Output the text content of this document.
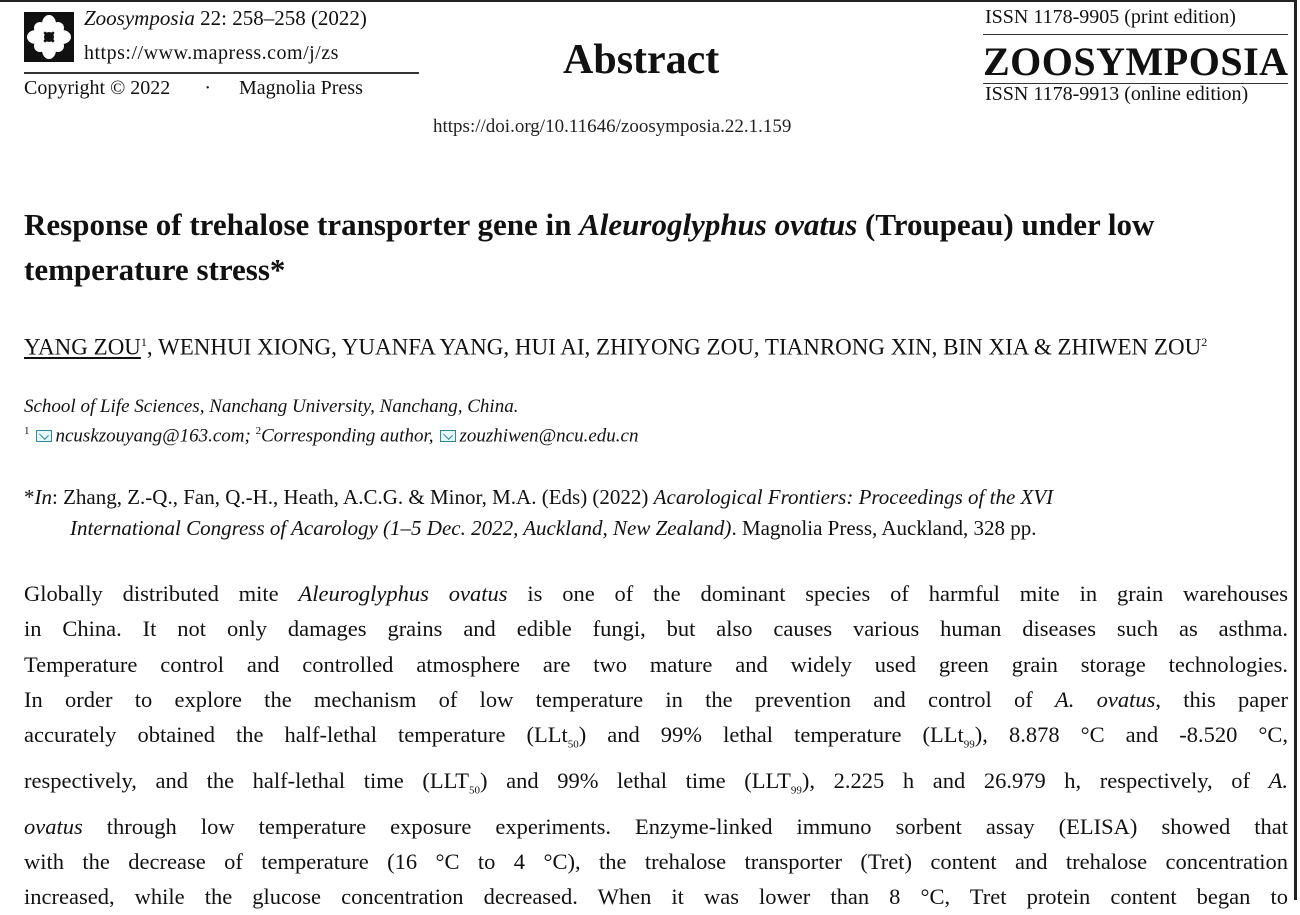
Zoosymposia 22: 258–258 (2022)
https://www.mapress.com/j/zs
Copyright © 2022 · Magnolia Press
Abstract
https://doi.org/10.11646/zoosymposia.22.1.159
ISSN 1178-9905 (print edition)
ZOOSYMPOSIA
ISSN 1178-9913 (online edition)
Response of trehalose transporter gene in Aleuroglyphus ovatus (Troupeau) under low temperature stress*
YANG ZOU$^1$, WENHUI XIONG, YUANFA YANG, HUI AI, ZHIYONG ZOU, TIANRONG XIN, BIN XIA & ZHIWEN ZOU$^2$
School of Life Sciences, Nanchang University, Nanchang, China.
$^1$ ncuskzouyang@163.com; $^2$Corresponding author, zouzhiwen@ncu.edu.cn
*In: Zhang, Z.-Q., Fan, Q.-H., Heath, A.C.G. & Minor, M.A. (Eds) (2022) Acarological Frontiers: Proceedings of the XVI
International Congress of Acarology (1–5 Dec. 2022, Auckland, New Zealand). Magnolia Press, Auckland, 328 pp.
Globally distributed mite Aleuroglyphus ovatus is one of the dominant species of harmful mite in grain warehouses
in China. It not only damages grains and edible fungi, but also causes various human diseases such as asthma.
Temperature control and controlled atmosphere are two mature and widely used green grain storage technologies.
In order to explore the mechanism of low temperature in the prevention and control of A. ovatus, this paper
accurately obtained the half-lethal temperature (LLt$_{50}$) and 99% lethal temperature (LLt$_{99}$), 8.878 °C and -8.520 °C,
respectively, and the half-lethal time $(LLT_{50})$ and 99% lethal time $(LLT_{99})$, 2.225 h and 26.979 h, respectively, of A.
ovatus through low temperature exposure experiments. Enzyme-linked immuno sorbent assay (ELISA) showed that
with the decrease of temperature (16 °C to 4 °C), the trehalose transporter (Tret) content and trehalose concentration
increased, while the glucose concentration decreased. When it was lower than 8 °C, Tret protein content began to
